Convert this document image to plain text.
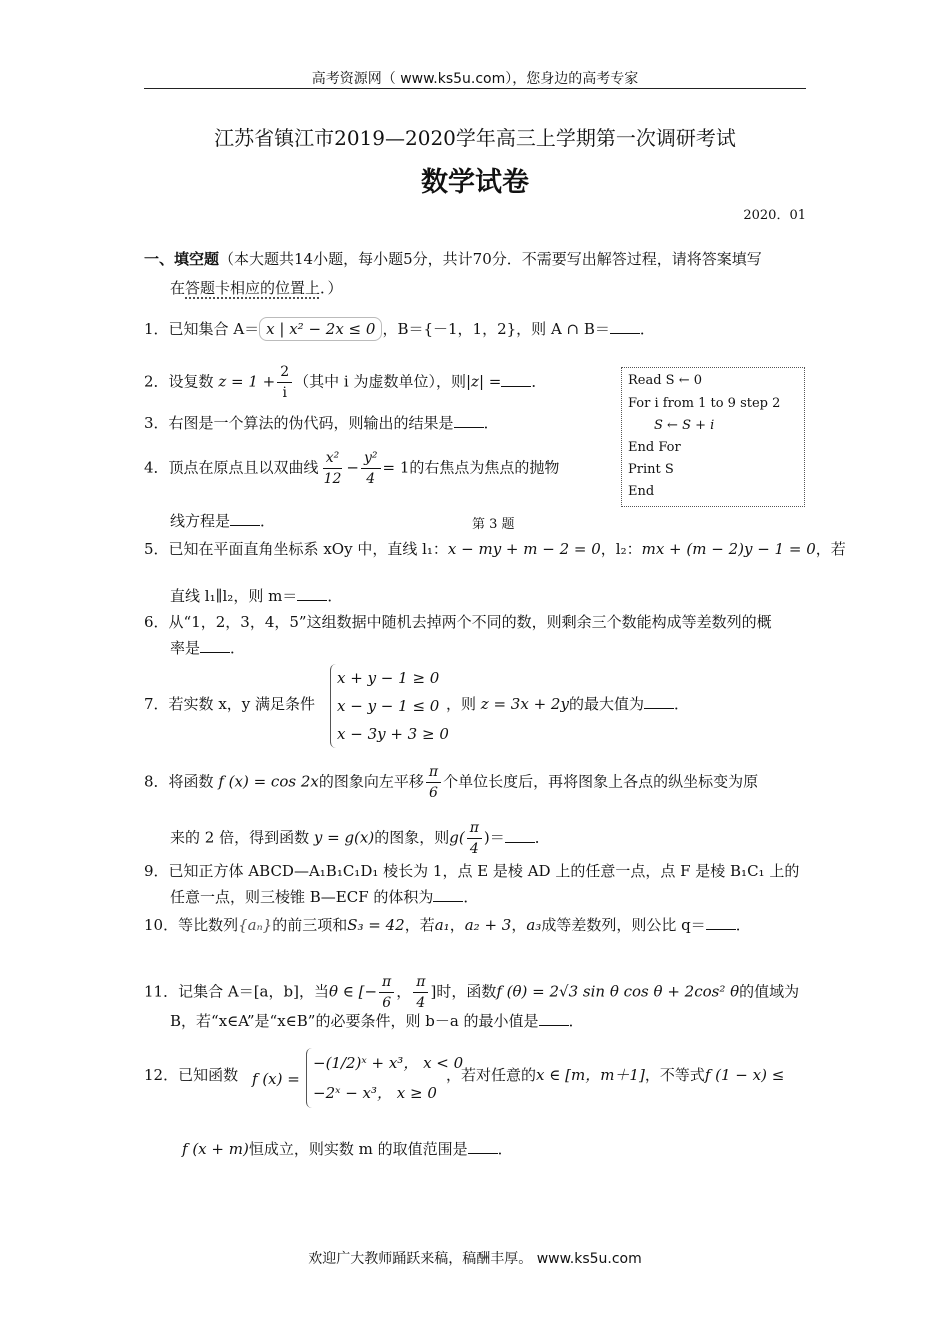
高考资源网（ www.ks5u.com），您身边的高考专家
江苏省镇江市2019—2020学年高三上学期第一次调研考试
数学试卷
2020．01
一、填空题（本大题共14小题，每小题5分，共计70分．不需要写出解答过程，请将答案填写
在答题卡相应的位置上．）
1．已知集合 A＝ x | x² − 2x ≤ 0 ，B＝{－1，1，2}，则 A ∩ B＝ ．
2．设复数 $z = 1 + \frac{2}{i}$ （其中 i 为虚数单位），则|z| = ．
3．右图是一个算法的伪代码，则输出的结果是 ．
4．顶点在原点且以双曲线 $\frac{\text{x²}}{12} - \frac{\text{y²}}{4} = 1$的右焦点为焦点的抛物
线方程是 ．
Read S ← 0
For i from 1 to 9 step 2
S ← S + i
End For
Print S
End
第 3 题
5．已知在平面直角坐标系 xOy 中，直线 l₁：x − my + m − 2 = 0，l₂：mx + (m − 2)y − 1 = 0，若
直线 l₁∥l₂，则 m＝ ．
6．从“1，2，3，4，5”这组数据中随机去掉两个不同的数，则剩余三个数能构成等差数列的概
率是 ．
7．若实数 x，y 满足条件
x + y − 1 ≥ 0
x − y − 1 ≤ 0
x − 3y + 3 ≥ 0
，则 z = 3x + 2y的最大值为 ．
8．将函数 f (x) = cos 2x的图象向左平移 $\frac{\pi}{6}$ 个单位长度后，再将图象上各点的纵坐标变为原
来的 2 倍，得到函数 y = g(x)的图象，则$g( \frac{\pi}{4}$ )＝ ．
9．已知正方体 ABCD—A₁B₁C₁D₁ 棱长为 1，点 E 是棱 AD 上的任意一点，点 F 是棱 B₁C₁ 上的
任意一点，则三棱锥 B—ECF 的体积为 ．
10．等比数列{aₙ}的前三项和S₃ = 42，若a₁，a₂ + 3，a₃成等差数列，则公比 q＝ ．
11．记集合 A＝[a，b]，当θ ∈ [− $\frac{\pi}{6}$ ， $\frac{\pi}{4}$ ]时，函数f (θ) = 2√3 sin θ cos θ + 2cos² θ的值域为
B，若“x∈A”是“x∈B”的必要条件，则 b－a 的最小值是 ．
12．已知函数 f (x) =
−(1/2)ˣ + x³， x < 0
−2ˣ − x³， x ≥ 0
，若对任意的x ∈ [m，m＋1]，不等式f (1 − x) ≤
f (x + m)恒成立，则实数 m 的取值范围是 ．
欢迎广大教师踊跃来稿，稿酬丰厚。 www.ks5u.com
